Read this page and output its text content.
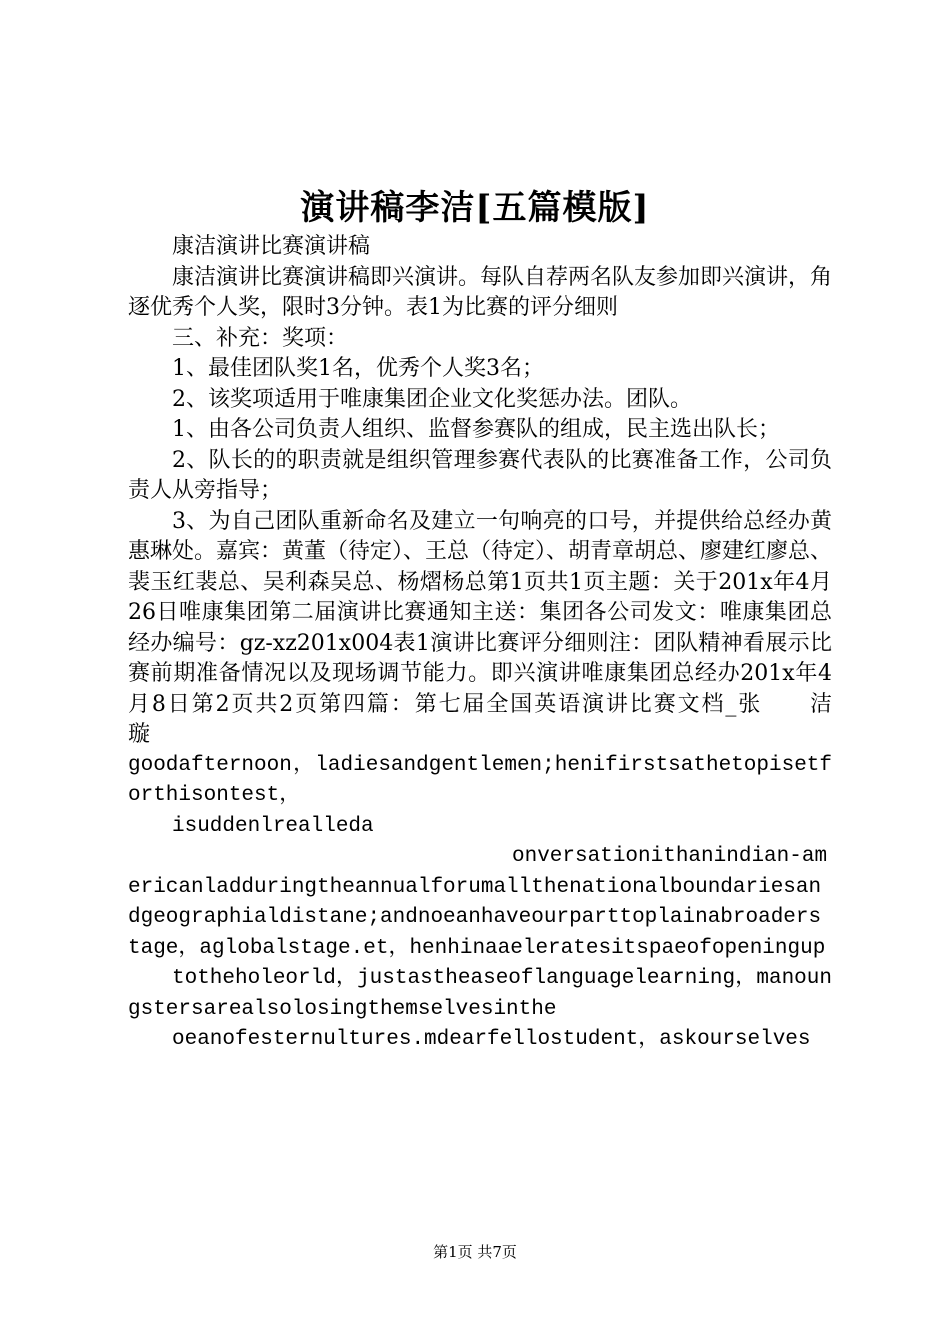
演讲稿李洁[五篇模版]

康洁演讲比赛演讲稿

康洁演讲比赛演讲稿即兴演讲。每队自荐两名队友参加即兴演讲，角逐优秀个人奖，限时3分钟。表1为比赛的评分细则

三、补充：奖项：

1、最佳团队奖1名，优秀个人奖3名；

2、该奖项适用于唯康集团企业文化奖惩办法。团队。

1、由各公司负责人组织、监督参赛队的组成，民主选出队长；

2、队长的的职责就是组织管理参赛代表队的比赛准备工作，公司负责人从旁指导；

3、为自己团队重新命名及建立一句响亮的口号，并提供给总经办黄惠琳处。嘉宾：黄董（待定）、王总（待定）、胡青章胡总、廖建红廖总、裴玉红裴总、吴利森吴总、杨熠杨总第1页共1页主题：关于201x年4月26日唯康集团第二届演讲比赛通知主送：集团各公司发文：唯康集团总经办编号：gz-xz201x004表1演讲比赛评分细则注：团队精神看展示比赛前期准备情况以及现场调节能力。即兴演讲唯康集团总经办201x年4月8日第2页共2页第四篇：第七届全国英语演讲比赛文档_张　　洁　　璇

goodafternoon，ladiesandgentlemen;henifirstsathetopisetforthisontest，

isuddenlrealleda

onversationithanindian-americanladduringtheannualforumallthenationalboundariesandgeographialdistane;andnoeanhaveourparttoplainabroaderstage，aglobalstage.et，henhinaaeleratesitspaeofopeningup

totheholeorld，justastheaseoflanguagelearning，manoungstersarealsolosingthemselvesinthe

oeanofesternultures.mdearfellostudent，askourselves

第1页 共7页
